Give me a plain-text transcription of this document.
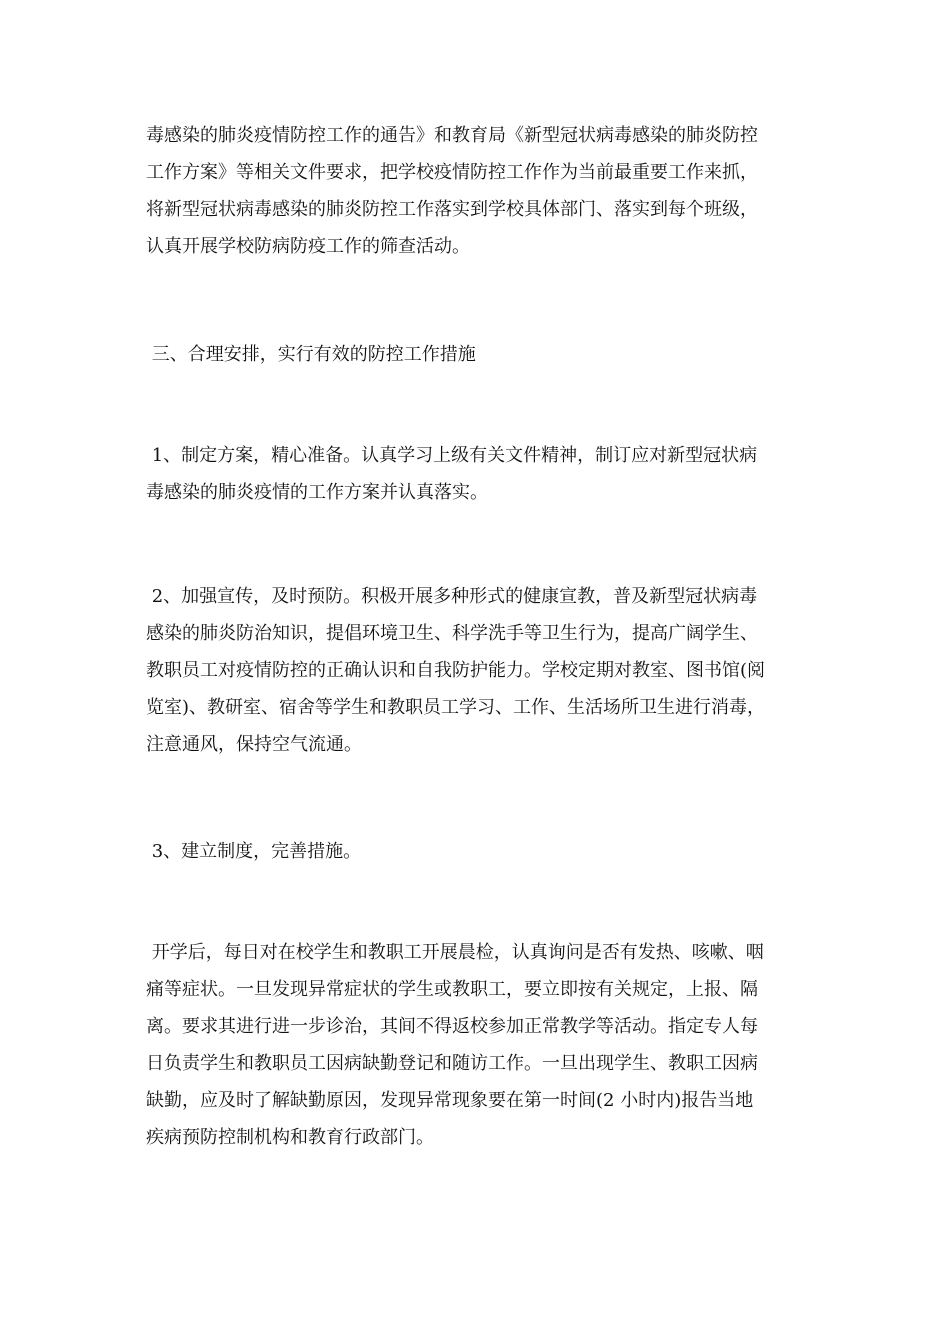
毒感染的肺炎疫情防控工作的通告》和教育局《新型冠状病毒感染的肺炎防控
工作方案》等相关文件要求，把学校疫情防控工作作为当前最重要工作来抓，
将新型冠状病毒感染的肺炎防控工作落实到学校具体部门、落实到每个班级，
认真开展学校防病防疫工作的筛查活动。
三、合理安排，实行有效的防控工作措施
1、制定方案，精心准备。认真学习上级有关文件精神，制订应对新型冠状病
毒感染的肺炎疫情的工作方案并认真落实。
2、加强宣传，及时预防。积极开展多种形式的健康宣教，普及新型冠状病毒
感染的肺炎防治知识，提倡环境卫生、科学洗手等卫生行为，提高广阔学生、
教职员工对疫情防控的正确认识和自我防护能力。学校定期对教室、图书馆(阅
览室)、教研室、宿舍等学生和教职员工学习、工作、生活场所卫生进行消毒，
注意通风，保持空气流通。
3、建立制度，完善措施。
开学后，每日对在校学生和教职工开展晨检，认真询问是否有发热、咳嗽、咽
痛等症状。一旦发现异常症状的学生或教职工，要立即按有关规定，上报、隔
离。要求其进行进一步诊治，其间不得返校参加正常教学等活动。指定专人每
日负责学生和教职员工因病缺勤登记和随访工作。一旦出现学生、教职工因病
缺勤，应及时了解缺勤原因，发现异常现象要在第一时间(2 小时内)报告当地
疾病预防控制机构和教育行政部门。
